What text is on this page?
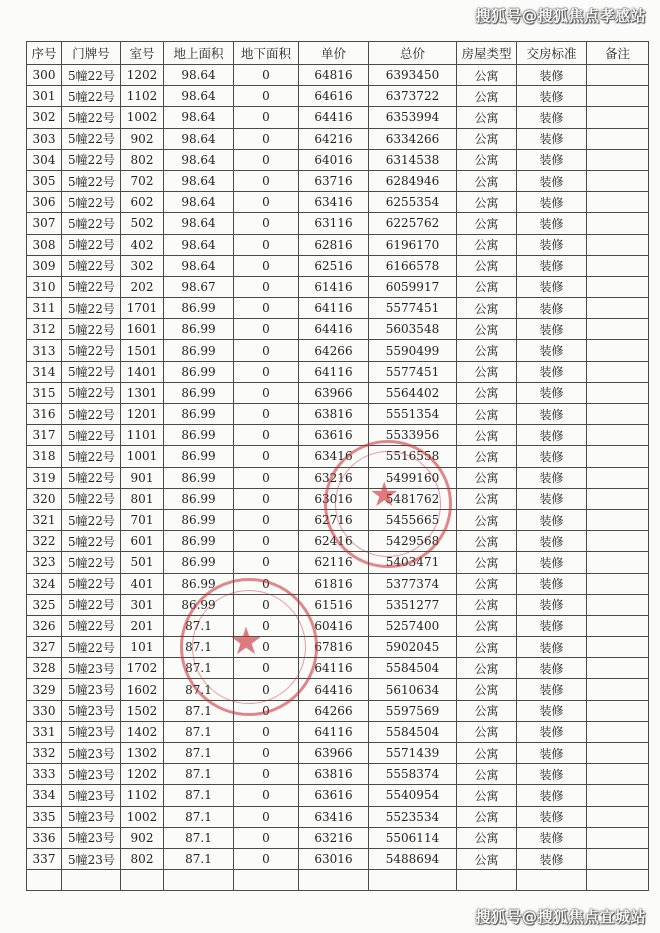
搜狐号@搜狐焦点孝感站
序号	门牌号	室号	地上面积	地下面积	单价	总价	房屋类型	交房标准	备注
300	5幢22号	1202	98.64	0	64816	6393450	公寓	装修	
301	5幢22号	1102	98.64	0	64616	6373722	公寓	装修	
302	5幢22号	1002	98.64	0	64416	6353994	公寓	装修	
303	5幢22号	902	98.64	0	64216	6334266	公寓	装修	
304	5幢22号	802	98.64	0	64016	6314538	公寓	装修	
305	5幢22号	702	98.64	0	63716	6284946	公寓	装修	
306	5幢22号	602	98.64	0	63416	6255354	公寓	装修	
307	5幢22号	502	98.64	0	63116	6225762	公寓	装修	
308	5幢22号	402	98.64	0	62816	6196170	公寓	装修	
309	5幢22号	302	98.64	0	62516	6166578	公寓	装修	
310	5幢22号	202	98.67	0	61416	6059917	公寓	装修	
311	5幢22号	1701	86.99	0	64116	5577451	公寓	装修	
312	5幢22号	1601	86.99	0	64416	5603548	公寓	装修	
313	5幢22号	1501	86.99	0	64266	5590499	公寓	装修	
314	5幢22号	1401	86.99	0	64116	5577451	公寓	装修	
315	5幢22号	1301	86.99	0	63966	5564402	公寓	装修	
316	5幢22号	1201	86.99	0	63816	5551354	公寓	装修	
317	5幢22号	1101	86.99	0	63616	5533956	公寓	装修	
318	5幢22号	1001	86.99	0	63416	5516558	公寓	装修	
319	5幢22号	901	86.99	0	63216	5499160	公寓	装修	
320	5幢22号	801	86.99	0	63016	5481762	公寓	装修	
321	5幢22号	701	86.99	0	62716	5455665	公寓	装修	
322	5幢22号	601	86.99	0	62416	5429568	公寓	装修	
323	5幢22号	501	86.99	0	62116	5403471	公寓	装修	
324	5幢22号	401	86.99	0	61816	5377374	公寓	装修	
325	5幢22号	301	86.99	0	61516	5351277	公寓	装修	
326	5幢22号	201	87.1	0	60416	5257400	公寓	装修	
327	5幢22号	101	87.1	0	67816	5902045	公寓	装修	
328	5幢23号	1702	87.1	0	64116	5584504	公寓	装修	
329	5幢23号	1602	87.1	0	64416	5610634	公寓	装修	
330	5幢23号	1502	87.1	0	64266	5597569	公寓	装修	
331	5幢23号	1402	87.1	0	64116	5584504	公寓	装修	
332	5幢23号	1302	87.1	0	63966	5571439	公寓	装修	
333	5幢23号	1202	87.1	0	63816	5558374	公寓	装修	
334	5幢23号	1102	87.1	0	63616	5540954	公寓	装修	
335	5幢23号	1002	87.1	0	63416	5523534	公寓	装修	
336	5幢23号	902	87.1	0	63216	5506114	公寓	装修	
337	5幢23号	802	87.1	0	63016	5488694	公寓	装修	

★
★
搜狐号@搜狐焦点宜城站
